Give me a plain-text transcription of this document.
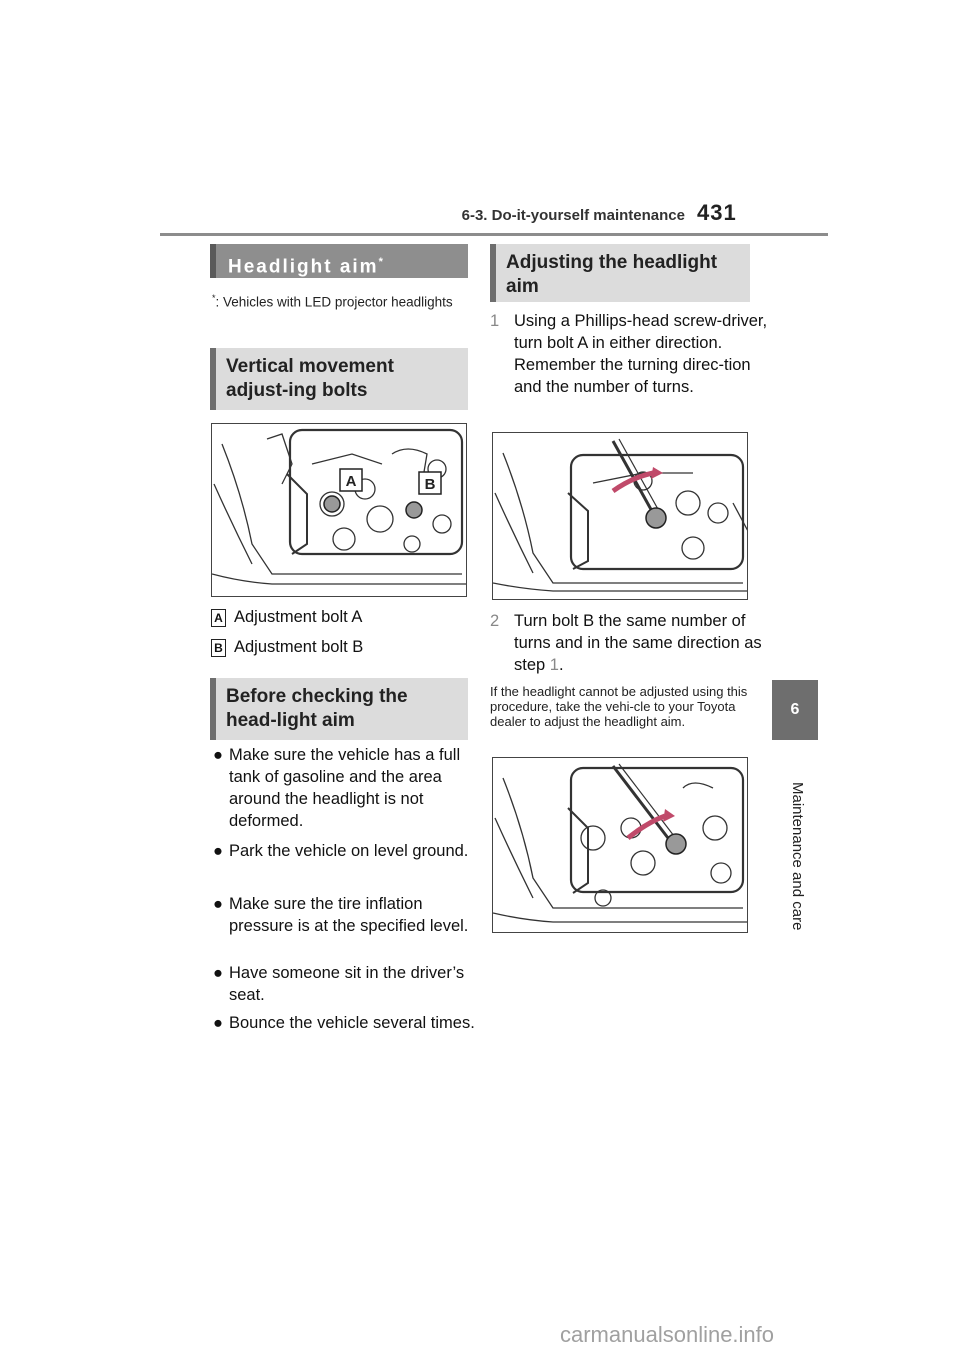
6-3. Do-it-yourself maintenance 431
6
Maintenance and care
Headlight aim*
*: Vehicles with LED projector headlights
Vertical movement adjust-ing bolts
A	B
A Adjustment bolt A
B Adjustment bolt B
Before checking the head-light aim
● Make sure the vehicle has a full tank of gasoline and the area around the headlight is not deformed.
● Park the vehicle on level ground.
● Make sure the tire inflation pressure is at the specified level.
● Have someone sit in the driver’s seat.
● Bounce the vehicle several times.
Adjusting the headlight aim
1 Using a Phillips-head screw-driver, turn bolt A in either direction.
Remember the turning direc-tion and the number of turns.
2 Turn bolt B the same number of turns and in the same direction as step 1.
If the headlight cannot be adjusted using this procedure, take the vehi-cle to your Toyota dealer to adjust the headlight aim.
carmanualsonline.info
